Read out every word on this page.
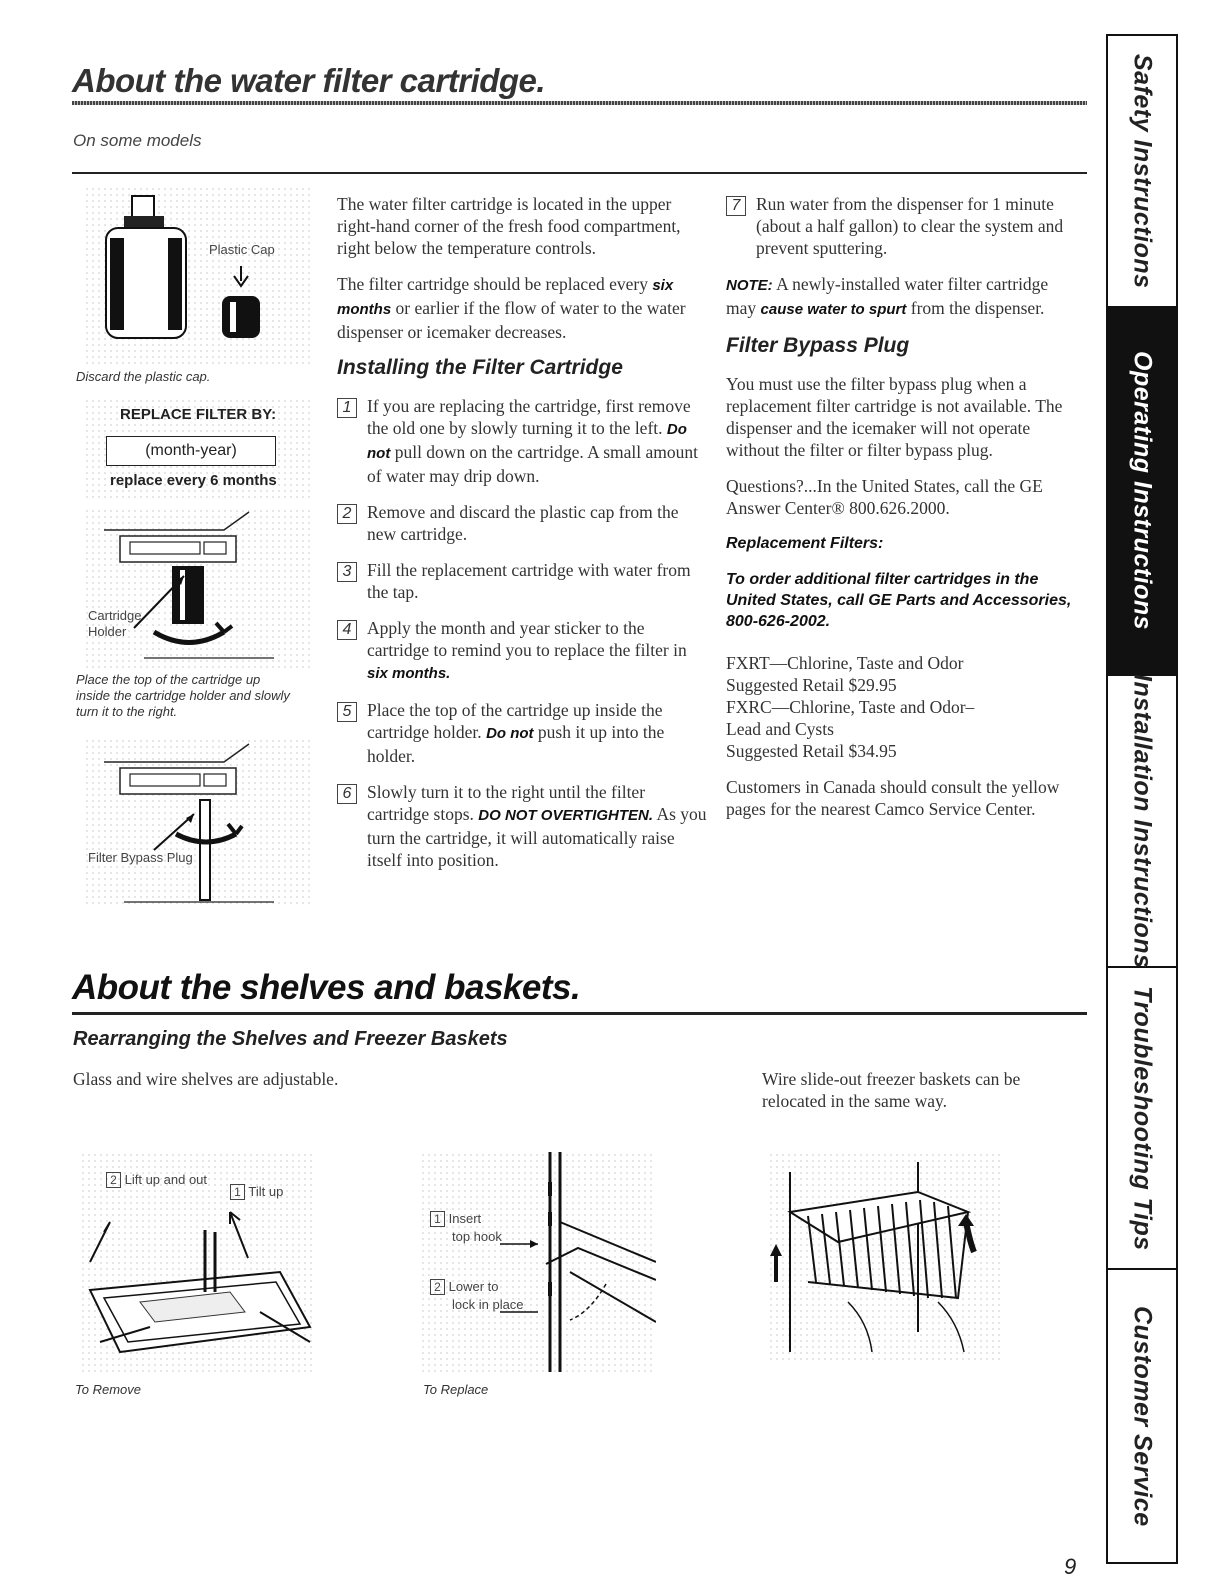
About the water filter cartridge.
On some models
Plastic Cap
Discard the plastic cap.
REPLACE FILTER BY:
(month-year)
replace every 6 months
Cartridge
Holder
Place the top of the cartridge up inside the cartridge holder and slowly turn it to the right.
Filter Bypass Plug

The water filter cartridge is located in the upper right-hand corner of the fresh food compartment, right below the temperature controls.

The filter cartridge should be replaced every six months or earlier if the flow of water to the water dispenser or icemaker decreases.

Installing the Filter Cartridge
1 If you are replacing the cartridge, first remove the old one by slowly turning it to the left. Do not pull down on the cartridge. A small amount of water may drip down.
2 Remove and discard the plastic cap from the new cartridge.
3 Fill the replacement cartridge with water from the tap.
4 Apply the month and year sticker to the cartridge to remind you to replace the filter in six months.
5 Place the top of the cartridge up inside the cartridge holder. Do not push it up into the holder.
6 Slowly turn it to the right until the filter cartridge stops. DO NOT OVERTIGHTEN. As you turn the cartridge, it will automatically raise itself into position.
7 Run water from the dispenser for 1 minute (about a half gallon) to clear the system and prevent sputtering.

NOTE: A newly-installed water filter cartridge may cause water to spurt from the dispenser.

Filter Bypass Plug

You must use the filter bypass plug when a replacement filter cartridge is not available. The dispenser and the icemaker will not operate without the filter or filter bypass plug.

Questions?...In the United States, call the GE Answer Center® 800.626.2000.

Replacement Filters:
To order additional filter cartridges in the United States, call GE Parts and Accessories, 800-626-2002.
FXRT—Chlorine, Taste and Odor
Suggested Retail $29.95
FXRC—Chlorine, Taste and Odor–
Lead and Cysts
Suggested Retail $34.95

Customers in Canada should consult the yellow pages for the nearest Camco Service Center.

About the shelves and baskets.
Rearranging the Shelves and Freezer Baskets
Glass and wire shelves are adjustable.	Wire slide-out freezer baskets can be relocated in the same way.
2 Lift up and out
1 Tilt up
To Remove
1 Insert
top hook
2 Lower to
lock in place
To Replace
Safety Instructions
Operating Instructions
Installation Instructions
Troubleshooting Tips
Customer Service
9
